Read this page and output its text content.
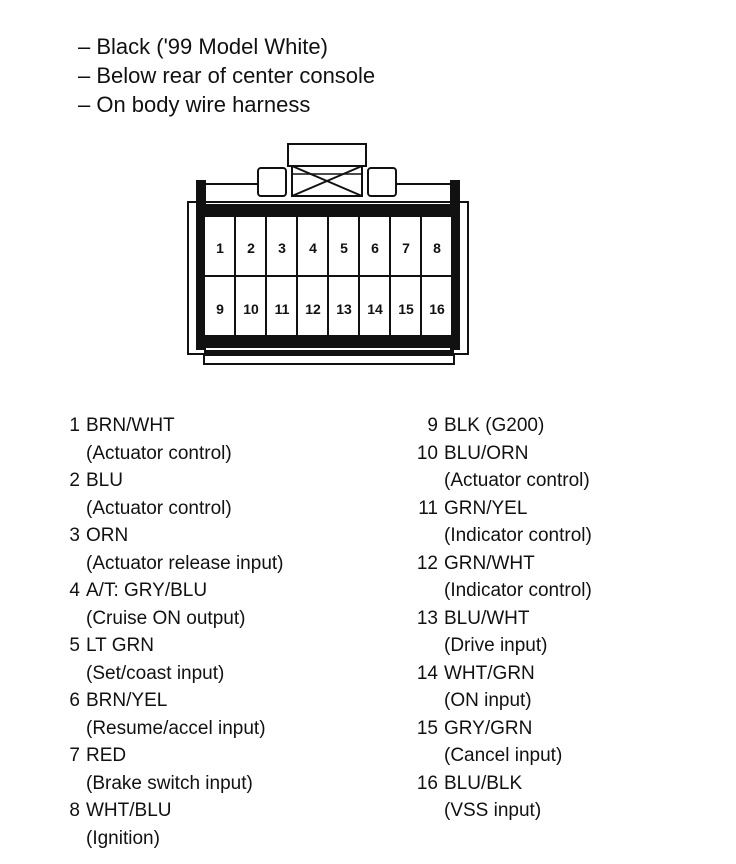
– Black ('99 Model White)
– Below rear of center console
– On body wire harness
1	2	3	4	5	6	7	8
9	10	11	12	13	14	15	16
1 BRN/WHT
(Actuator control)
2 BLU
(Actuator control)
3 ORN
(Actuator release input)
4 A/T: GRY/BLU
(Cruise ON output)
5 LT GRN
(Set/coast input)
6 BRN/YEL
(Resume/accel input)
7 RED
(Brake switch input)
8 WHT/BLU
(Ignition)
9 BLK (G200)
10 BLU/ORN
(Actuator control)
11 GRN/YEL
(Indicator control)
12 GRN/WHT
(Indicator control)
13 BLU/WHT
(Drive input)
14 WHT/GRN
(ON input)
15 GRY/GRN
(Cancel input)
16 BLU/BLK
(VSS input)
